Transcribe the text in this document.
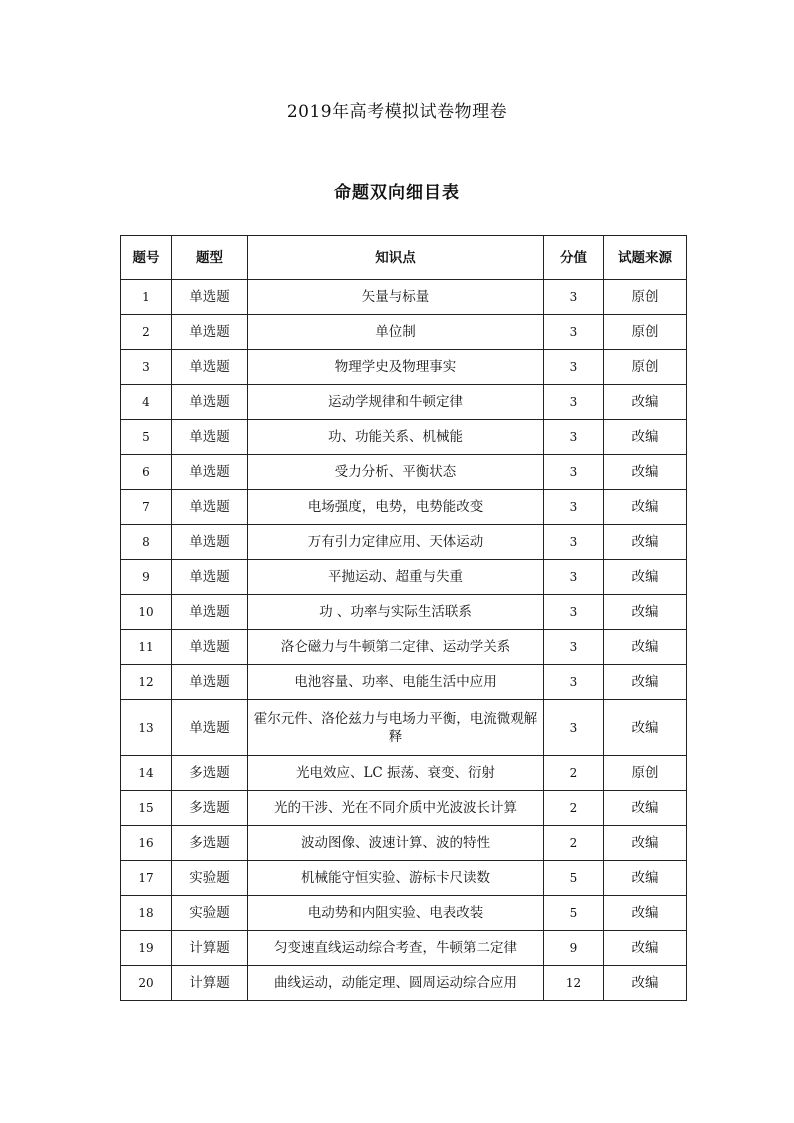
2019年高考模拟试卷物理卷
命题双向细目表
题号	题型	知识点	分值	试题来源
1	单选题	矢量与标量	3	原创
2	单选题	单位制	3	原创
3	单选题	物理学史及物理事实	3	原创
4	单选题	运动学规律和牛顿定律	3	改编
5	单选题	功、功能关系、机械能	3	改编
6	单选题	受力分析、平衡状态	3	改编
7	单选题	电场强度，电势，电势能改变	3	改编
8	单选题	万有引力定律应用、天体运动	3	改编
9	单选题	平抛运动、超重与失重	3	改编
10	单选题	功 、功率与实际生活联系	3	改编
11	单选题	洛仑磁力与牛顿第二定律、运动学关系	3	改编
12	单选题	电池容量、功率、电能生活中应用	3	改编
13	单选题	霍尔元件、洛伦兹力与电场力平衡，电流微观解释	3	改编
14	多选题	光电效应、LC 振荡、衰变、衍射	2	原创
15	多选题	光的干涉、光在不同介质中光波波长计算	2	改编
16	多选题	波动图像、波速计算、波的特性	2	改编
17	实验题	机械能守恒实验、游标卡尺读数	5	改编
18	实验题	电动势和内阻实验、电表改装	5	改编
19	计算题	匀变速直线运动综合考查，牛顿第二定律	9	改编
20	计算题	曲线运动，动能定理、圆周运动综合应用	12	改编
